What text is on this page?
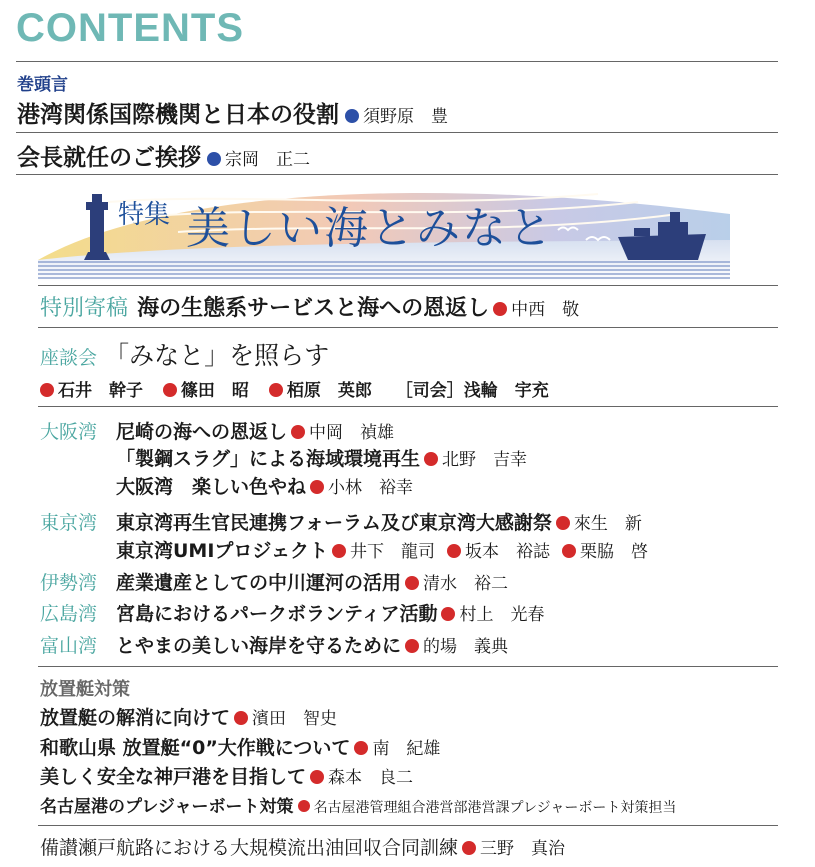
CONTENTS
巻頭言
港湾関係国際機関と日本の役割 須野原　豊
会長就任のご挨拶 宗岡　正二
特集 美しい海とみなと
特別寄稿 海の生態系サービスと海への恩返し 中西　敬
座談会 「みなと」を照らす
石井　幹子 篠田　昭 栢原　英郎 ［司会］浅輪　宇充
大阪湾 尼崎の海への恩返し 中岡　禎雄
「製鋼スラグ」による海域環境再生 北野　吉幸
大阪湾　楽しい色やね 小林　裕幸
東京湾 東京湾再生官民連携フォーラム及び東京湾大感謝祭 來生　新
東京湾UMIプロジェクト 井下　龍司 坂本　裕誌 栗脇　啓
伊勢湾 産業遺産としての中川運河の活用 清水　裕二
広島湾 宮島におけるパークボランティア活動 村上　光春
富山湾 とやまの美しい海岸を守るために 的場　義典
放置艇対策
放置艇の解消に向けて 濱田　智史
和歌山県 放置艇“0”大作戦について 南　紀雄
美しく安全な神戸港を目指して 森本　良二
名古屋港のプレジャーボート対策 名古屋港管理組合港営部港営課プレジャーボート対策担当
備讃瀬戸航路における大規模流出油回収合同訓練 三野　真治
